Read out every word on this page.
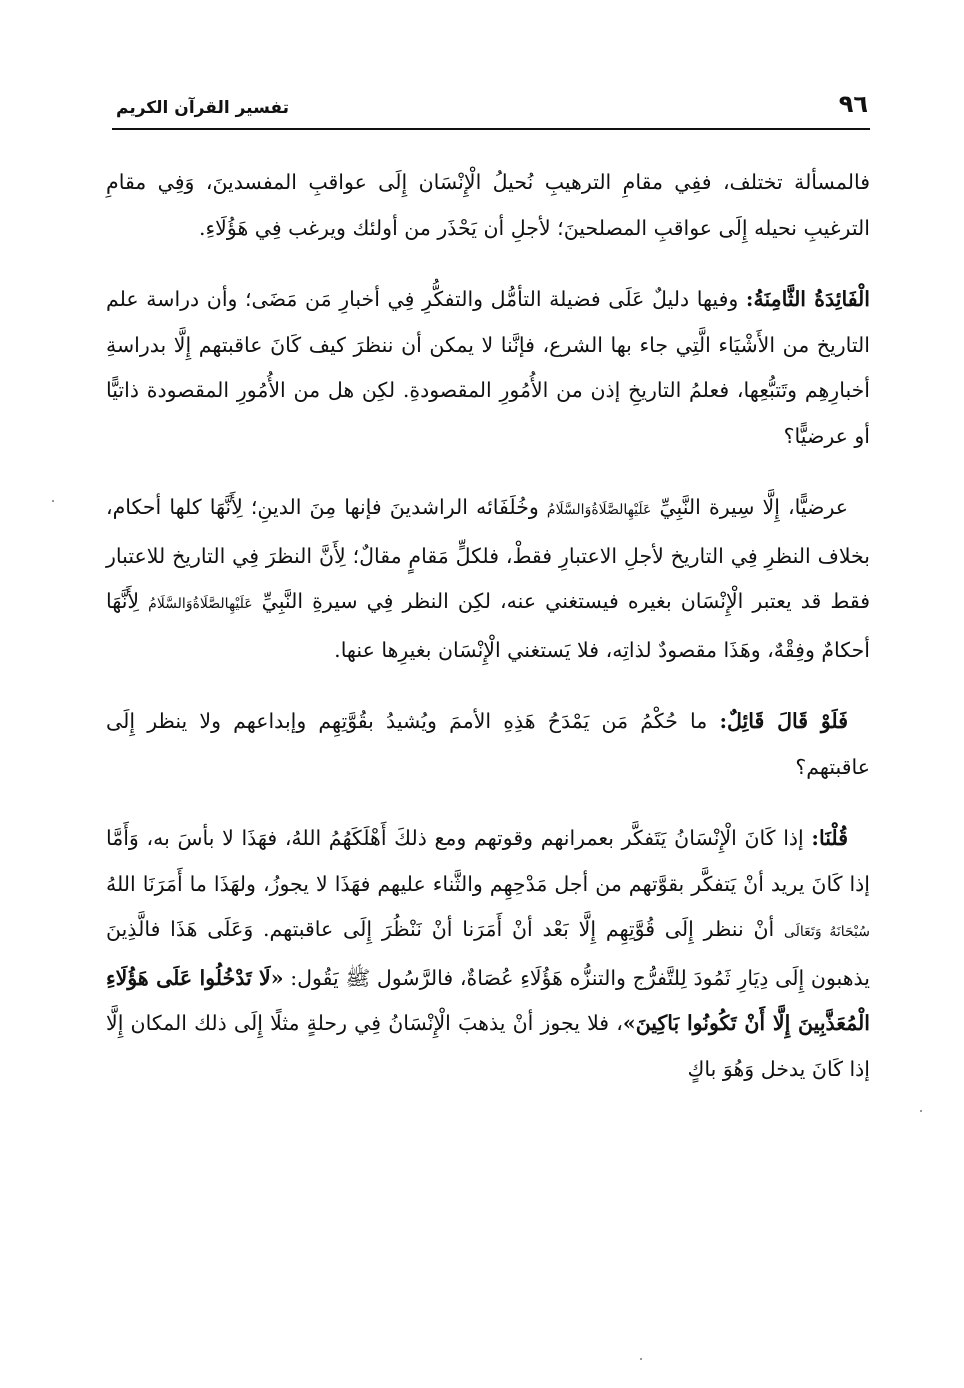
تفسير القرآن الكريم	٩٦

فالمسألة تختلف، ففِي مقامِ الترهيبِ نُحيلُ الْإِنْسَان إِلَى عواقبِ المفسدينَ، وَفِي مقامِ الترغيبِ نحيله إِلَى عواقبِ المصلحينَ؛ لأجلِ أن يَحْذَر من أولئك ويرغب فِي هَؤُلَاءِ.

الْفَائِدَةُ الثَّامِنَةُ: وفيها دليلٌ عَلَى فضيلة التأمُّل والتفكُّرِ فِي أخبارِ مَن مَضَى؛ وأن دراسة علم التاريخ من الأَشْيَاء الَّتِي جاء بها الشرع، فإنَّنا لا يمكن أن ننظرَ كيف كَانَ عاقبتهم إِلَّا بدراسةِ أخبارِهِم وتَتبُّعِها، فعلمُ التاريخِ إذن من الأُمُورِ المقصودةِ. لكِن هل من الأُمُورِ المقصودة ذاتيًّا أو عرضيًّا؟

عرضيًّا، إِلَّا سِيرة النَّبِيِّ عَلَيْهِالصَّلَاةُوَالسَّلَامُ وخُلَفَائه الراشدينَ فإنها مِنَ الدينِ؛ لِأَنَّهَا كلها أحكام، بخلاف النظرِ فِي التاريخ لأجلِ الاعتبارِ فقطْ، فلكلٍّ مَقامٍ مقالٌ؛ لِأَنَّ النظرَ فِي التاريخ للاعتبار فقط قد يعتبر الْإِنْسَان بغيره فيستغني عنه، لكِن النظر فِي سيرةِ النَّبِيِّ عَلَيْهِالصَّلَاةُوَالسَّلَامُ لِأَنَّهَا أحكامٌ وفِقْهٌ، وهَذَا مقصودٌ لذاتِه، فلا يَستغني الْإِنْسَان بغيرِها عنها.

فَلَوْ قَالَ قَائِلٌ: ما حُكْمُ مَن يَمْدَحُ هَذِهِ الأممَ ويُشيدُ بقُوَّتِهِم وإبداعهم ولا ينظر إِلَى عاقبتهم؟

قُلْنَا: إذا كَانَ الْإِنْسَانُ يَتَفكَّر بعمرانهم وقوتهم ومع ذلكَ أَهْلَكَهُمُ اللهُ، فهَذَا لا بأسَ به، وَأَمَّا إذا كَانَ يريد أنْ يَتفكَّر بقوَّتهم من أجل مَدْحِهِم والثَّناء عليهم فهَذَا لا يجوزُ، ولهَذَا ما أَمَرَنَا اللهُ سُبْحَانَهُ وَتَعَالَى أنْ ننظر إِلَى قُوَّتِهِم إِلَّا بَعْد أنْ أَمَرَنا أنْ نَنْظُرَ إِلَى عاقبتهم. وَعَلَى هَذَا فالَّذِينَ يذهبون إِلَى دِيَارِ ثَمُودَ لِلتَّفرُّج والتنزُّه هَؤُلَاءِ عُصَاةٌ، فالرَّسُول ﷺ يَقُول: «لَا تَدْخُلُوا عَلَى هَؤُلَاءِ الْمُعَذَّبِينَ إِلَّا أَنْ تَكُونُوا بَاكِينَ»، فلا يجوز أنْ يذهبَ الْإِنْسَانُ فِي رحلةٍ مثلًا إِلَى ذلك المكان إِلَّا إذا كَانَ يدخل وَهُوَ باكٍ
